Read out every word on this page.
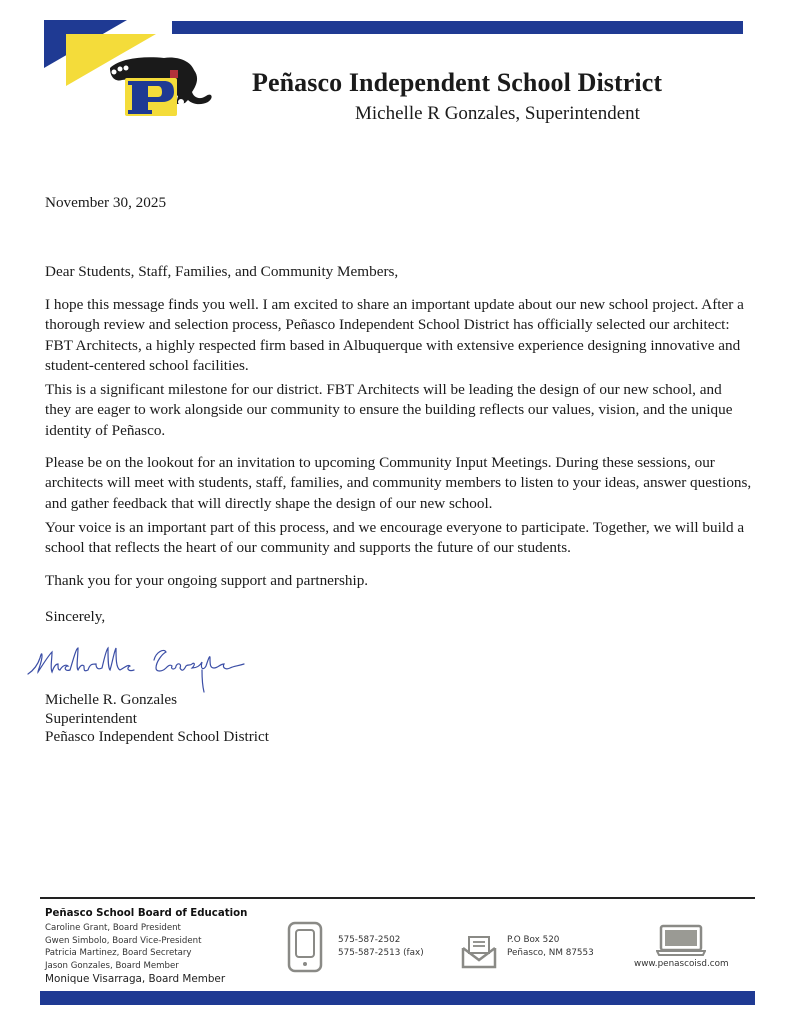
Peñasco Independent School District
Michelle R Gonzales, Superintendent
November 30, 2025
Dear Students, Staff, Families, and Community Members,
I hope this message finds you well. I am excited to share an important update about our new school project. After a
thorough review and selection process, Peñasco Independent School District has officially selected our architect:
FBT Architects, a highly respected firm based in Albuquerque with extensive experience designing innovative and
student-centered school facilities.
This is a significant milestone for our district. FBT Architects will be leading the design of our new school, and
they are eager to work alongside our community to ensure the building reflects our values, vision, and the unique
identity of Peñasco.
Please be on the lookout for an invitation to upcoming Community Input Meetings. During these sessions, our
architects will meet with students, staff, families, and community members to listen to your ideas, answer questions,
and gather feedback that will directly shape the design of our new school.
Your voice is an important part of this process, and we encourage everyone to participate. Together, we will build a
school that reflects the heart of our community and supports the future of our students.
Thank you for your ongoing support and partnership.
Sincerely,
Michelle R. Gonzales
Superintendent
Peñasco Independent School District
Peñasco School Board of Education
Caroline Grant, Board President
Gwen Simbolo, Board Vice-President
Patricia Martinez, Board Secretary
Jason Gonzales, Board Member
Monique Visarraga, Board Member
575-587-2502
575-587-2513 (fax)
P.O Box 520
Peñasco, NM 87553
www.penascoisd.com
